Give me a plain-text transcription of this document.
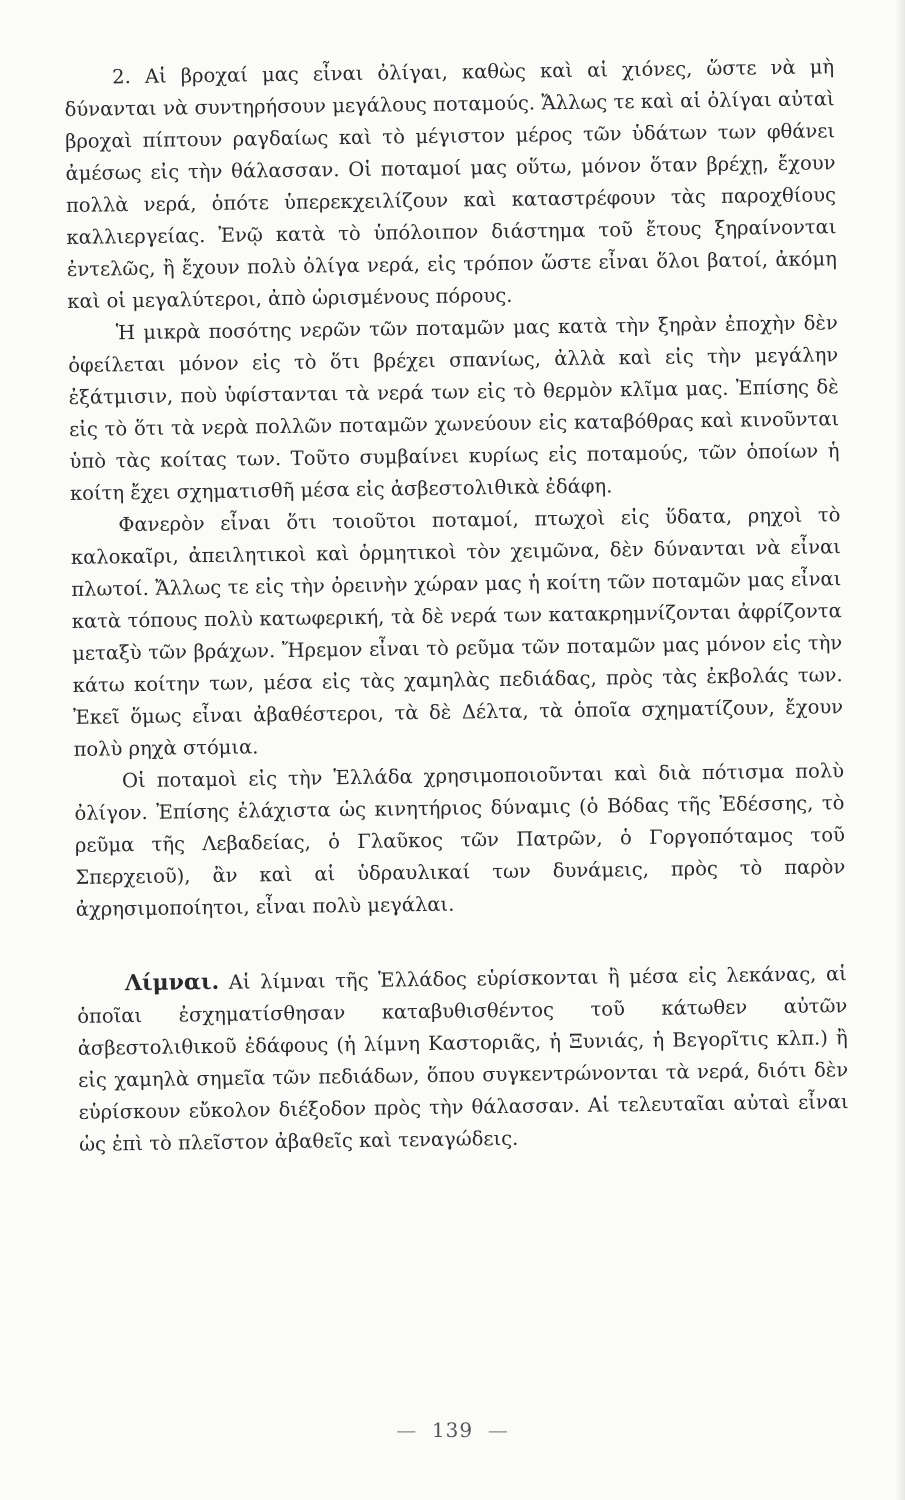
2. Αἱ βροχαί μας εἶναι ὀλίγαι, καθὼς καὶ αἱ χιόνες, ὥστε νὰ μὴ δύνανται νὰ συντηρήσουν μεγάλους ποταμούς. Ἄλλως τε καὶ αἱ ὀλίγαι αὐταὶ βροχαὶ πίπτουν ραγδαίως καὶ τὸ μέγιστον μέρος τῶν ὑδάτων των φθάνει ἀμέσως εἰς τὴν θάλασσαν. Οἱ ποταμοί μας οὕτω, μόνον ὅταν βρέχῃ, ἔχουν πολλὰ νερά, ὁπότε ὑπερεκχειλίζουν καὶ καταστρέφουν τὰς παροχθίους καλλιεργείας. Ἐνῷ κατὰ τὸ ὑπόλοιπον διάστημα τοῦ ἔτους ξηραίνονται ἐντελῶς, ἢ ἔχουν πολὺ ὀλίγα νερά, εἰς τρόπον ὥστε εἶναι ὅλοι βατοί, ἀκόμη καὶ οἱ μεγαλύτεροι, ἀπὸ ὡρισμένους πόρους.

Ἡ μικρὰ ποσότης νερῶν τῶν ποταμῶν μας κατὰ τὴν ξηρὰν ἐποχὴν δὲν ὀφείλεται μόνον εἰς τὸ ὅτι βρέχει σπανίως, ἀλλὰ καὶ εἰς τὴν μεγάλην ἐξάτμισιν, ποὺ ὑφίστανται τὰ νερά των εἰς τὸ θερμὸν κλῖμα μας. Ἐπίσης δὲ εἰς τὸ ὅτι τὰ νερὰ πολλῶν ποταμῶν χωνεύουν εἰς καταβόθρας καὶ κινοῦνται ὑπὸ τὰς κοίτας των. Τοῦτο συμβαίνει κυρίως εἰς ποταμούς, τῶν ὁποίων ἡ κοίτη ἔχει σχηματισθῆ μέσα εἰς ἀσβεστολιθικὰ ἐδάφη.

Φανερὸν εἶναι ὅτι τοιοῦτοι ποταμοί, πτωχοὶ εἰς ὕδατα, ρηχοὶ τὸ καλοκαῖρι, ἀπειλητικοὶ καὶ ὁρμητικοὶ τὸν χειμῶνα, δὲν δύνανται νὰ εἶναι πλωτοί. Ἄλλως τε εἰς τὴν ὀρεινὴν χώραν μας ἡ κοίτη τῶν ποταμῶν μας εἶναι κατὰ τόπους πολὺ κατωφερική, τὰ δὲ νερά των κατακρημνίζονται ἀφρίζοντα μεταξὺ τῶν βράχων. Ἤρεμον εἶναι τὸ ρεῦμα τῶν ποταμῶν μας μόνον εἰς τὴν κάτω κοίτην των, μέσα εἰς τὰς χαμηλὰς πεδιάδας, πρὸς τὰς ἐκβολάς των. Ἐκεῖ ὅμως εἶναι ἀβαθέστεροι, τὰ δὲ Δέλτα, τὰ ὁποῖα σχηματίζουν, ἔχουν πολὺ ρηχὰ στόμια.

Οἱ ποταμοὶ εἰς τὴν Ἑλλάδα χρησιμοποιοῦνται καὶ διὰ πότισμα πολὺ ὀλίγον. Ἐπίσης ἐλάχιστα ὡς κινητήριος δύναμις (ὁ Βόδας τῆς Ἐδέσσης, τὸ ρεῦμα τῆς Λεβαδείας, ὁ Γλαῦκος τῶν Πατρῶν, ὁ Γοργοπόταμος τοῦ Σπερχειοῦ), ἂν καὶ αἱ ὑδραυλικαί των δυνάμεις, πρὸς τὸ παρὸν ἀχρησιμοποίητοι, εἶναι πολὺ μεγάλαι.

Λίμναι. Αἱ λίμναι τῆς Ἑλλάδος εὑρίσκονται ἢ μέσα εἰς λεκάνας, αἱ ὁποῖαι ἐσχηματίσθησαν καταβυθισθέντος τοῦ κάτωθεν αὐτῶν ἀσβεστολιθικοῦ ἐδάφους (ἡ λίμνη Καστοριᾶς, ἡ Ξυνιάς, ἡ Βεγορῖτις κλπ.) ἢ εἰς χαμηλὰ σημεῖα τῶν πεδιάδων, ὅπου συγκεντρώνονται τὰ νερά, διότι δὲν εὑρίσκουν εὔκολον διέξοδον πρὸς τὴν θάλασσαν. Αἱ τελευταῖαι αὐταὶ εἶναι ὡς ἐπὶ τὸ πλεῖστον ἀβαθεῖς καὶ τεναγώδεις.

— 139 —
